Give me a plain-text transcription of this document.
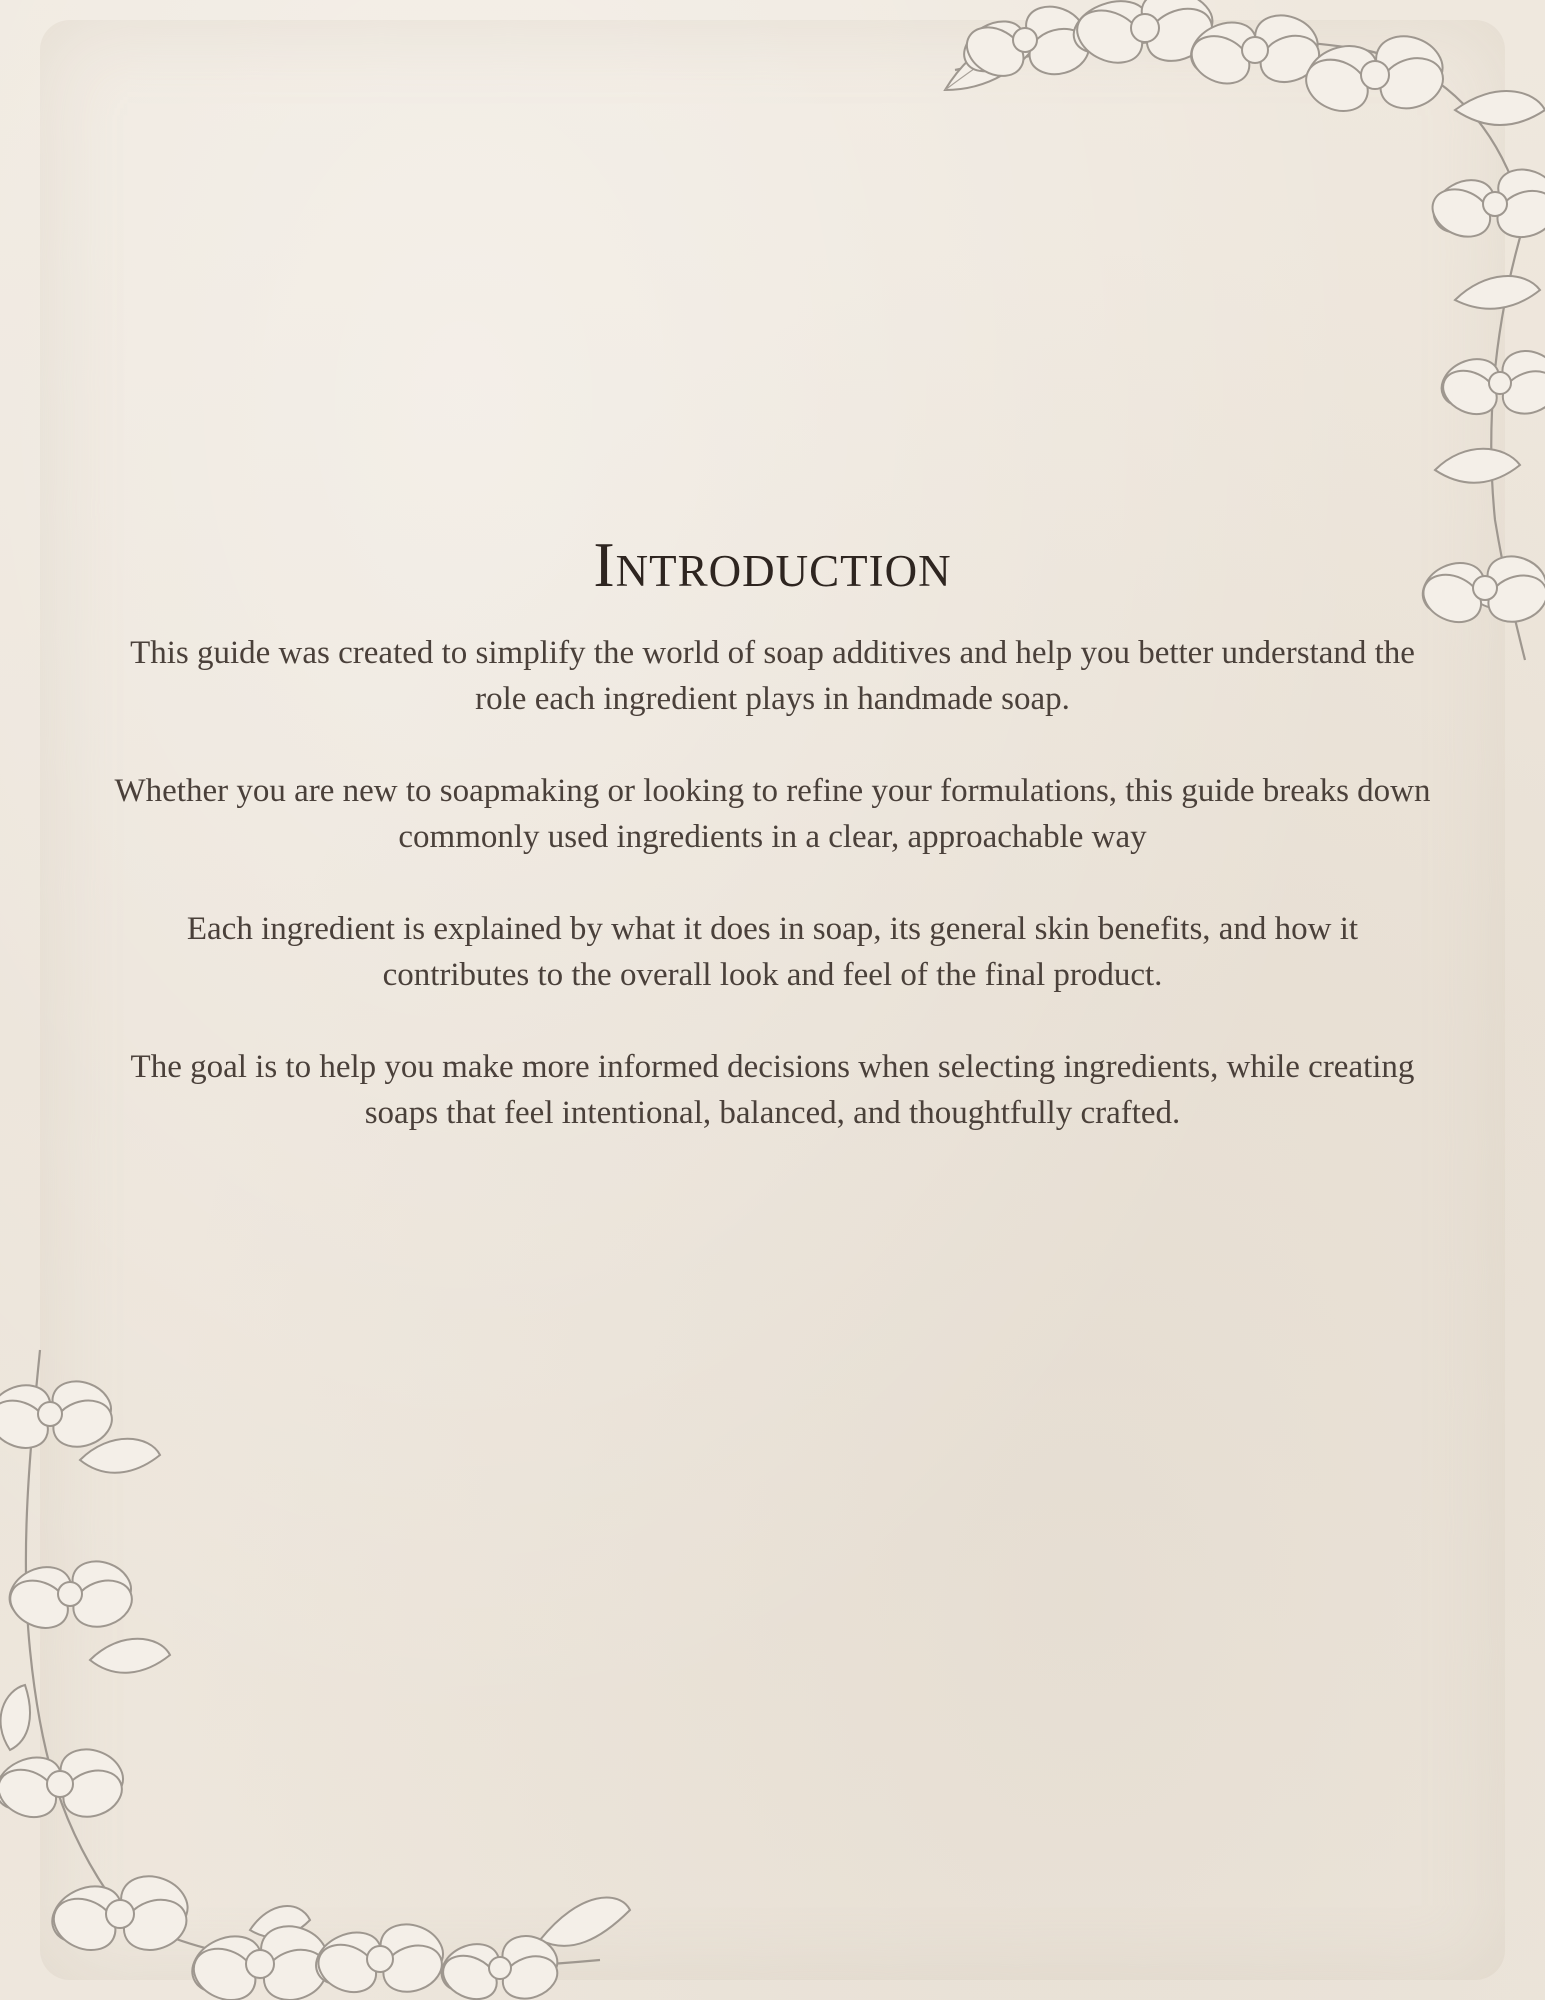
Introduction

This guide was created to simplify the world of soap additives and help you better understand the role each ingredient plays in handmade soap.

Whether you are new to soapmaking or looking to refine your formulations, this guide breaks down commonly used ingredients in a clear, approachable way

Each ingredient is explained by what it does in soap, its general skin benefits, and how it contributes to the overall look and feel of the final product.

The goal is to help you make more informed decisions when selecting ingredients, while creating soaps that feel intentional, balanced, and thoughtfully crafted.
